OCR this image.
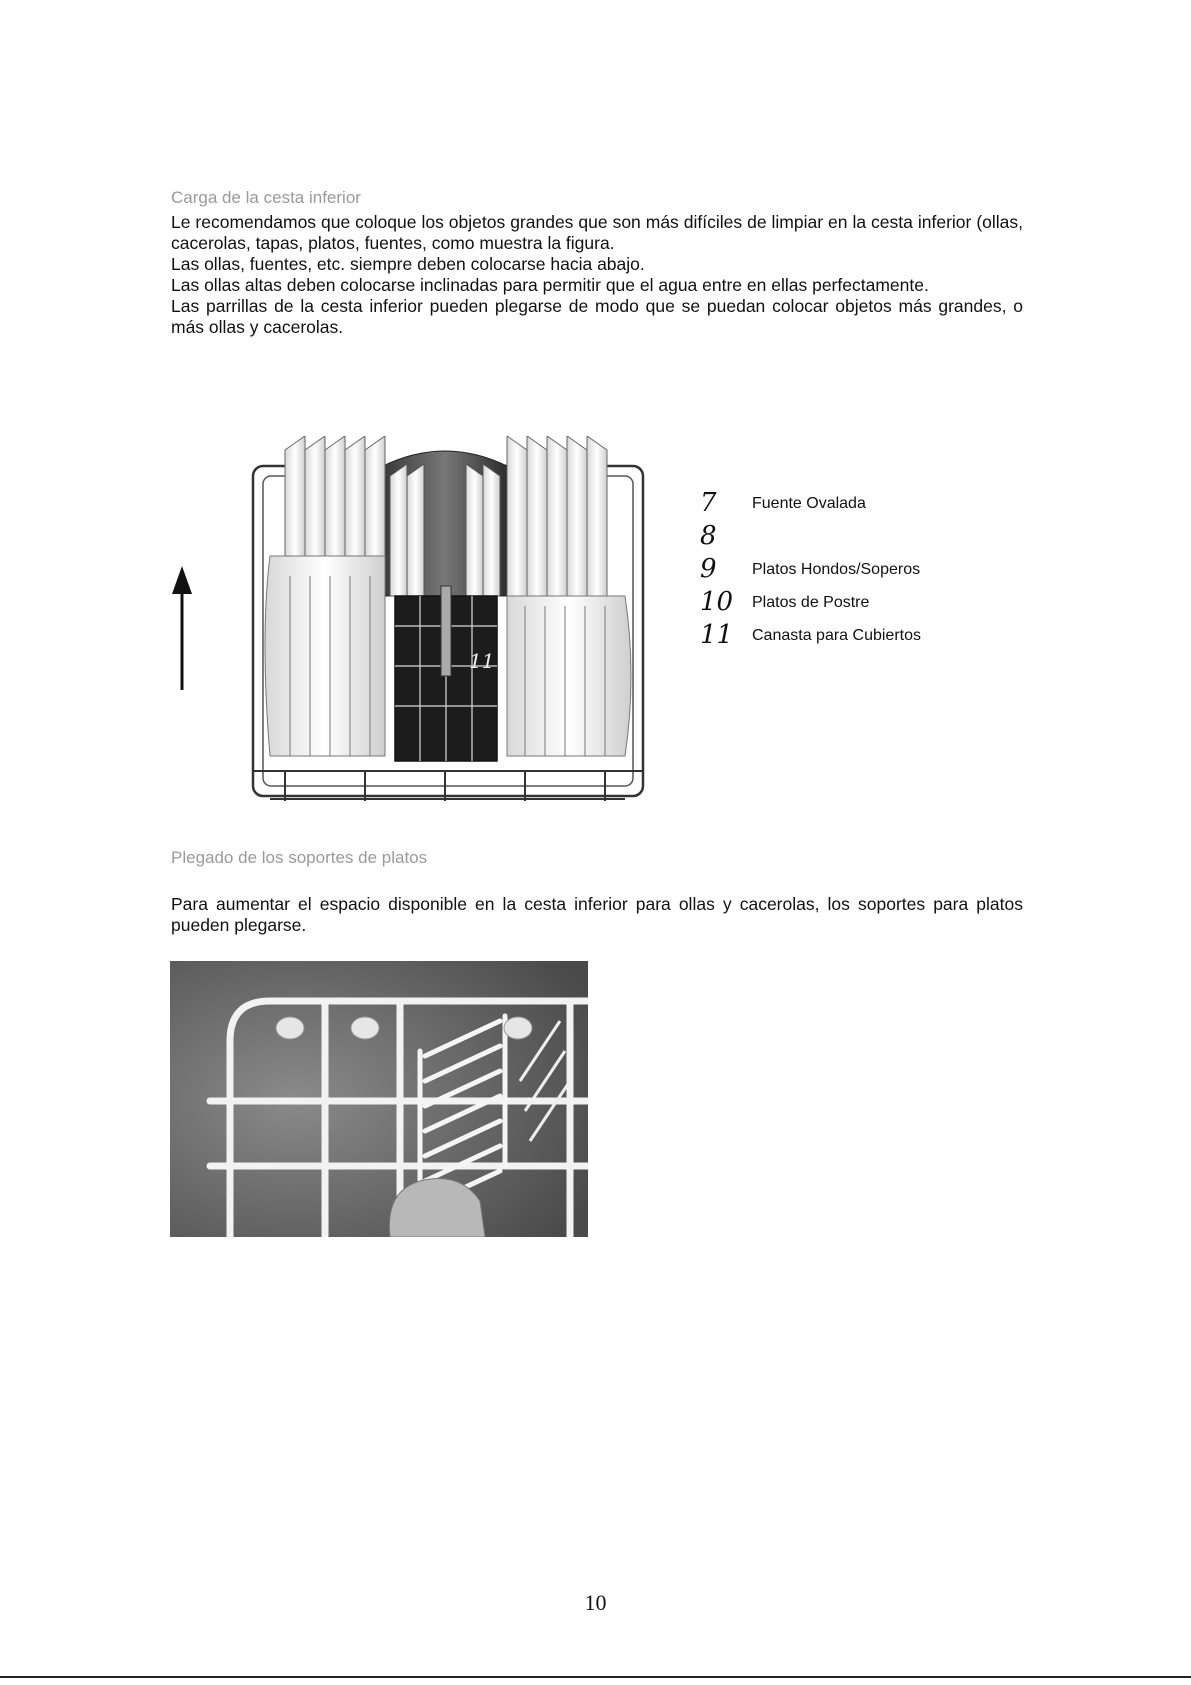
Carga de la cesta inferior

Le recomendamos que coloque los objetos grandes que son más difíciles de limpiar en la cesta inferior (ollas, cacerolas, tapas, platos, fuentes, como muestra la figura.

Las ollas, fuentes, etc. siempre deben colocarse hacia abajo.

Las ollas altas deben colocarse inclinadas para permitir que el agua entre en ellas perfectamente.

Las parrillas de la cesta inferior pueden plegarse de modo que se puedan colocar objetos más grandes, o más ollas y cacerolas.

11
7	Fuente Ovalada
8
9	Platos Hondos/Soperos
10	Platos de Postre
11	Canasta para Cubiertos
Plegado de los soportes de platos

Para aumentar el espacio disponible en la cesta inferior para ollas y cacerolas, los soportes para platos pueden plegarse.

10
